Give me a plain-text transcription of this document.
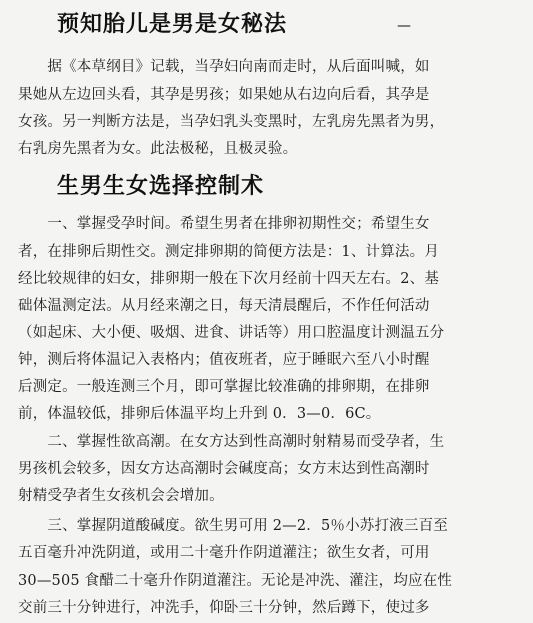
预知胎儿是男是女秘法	—
　　据《本草纲目》记载，当孕妇向南而走时，从后面叫喊，如
果她从左边回头看，其孕是男孩；如果她从右边向后看，其孕是
女孩。另一判断方法是，当孕妇乳头变黑时，左乳房先黑者为男，
右乳房先黑者为女。此法极秘，且极灵验。
生男生女选择控制术
　　一、掌握受孕时间。希望生男者在排卵初期性交；希望生女
者，在排卵后期性交。测定排卵期的简便方法是：1、计算法。月
经比较规律的妇女，排卵期一般在下次月经前十四天左右。2、基
础体温测定法。从月经来潮之日，每天清晨醒后，不作任何活动
（如起床、大小便、吸烟、进食、讲话等）用口腔温度计测温五分
钟，测后将体温记入表格内；值夜班者，应于睡眠六至八小时醒
后测定。一般连测三个月，即可掌握比较准确的排卵期，在排卵
前，体温较低，排卵后体温平均上升到 0．3—0．6C。
　　二、掌握性欲高潮。在女方达到性高潮时射精易而受孕者，生
男孩机会较多，因女方达高潮时会碱度高；女方末达到性高潮时
射精受孕者生女孩机会会增加。
　　三、掌握阴道酸碱度。欲生男可用 2—2．5％小苏打液三百至
五百毫升冲洗阴道，或用二十毫升作阴道灌注；欲生女者，可用
30—505 食醋二十毫升作阴道灌注。无论是冲洗、灌注，均应在性
交前三十分钟进行，冲洗手，仰卧三十分钟，然后蹲下，使过多
